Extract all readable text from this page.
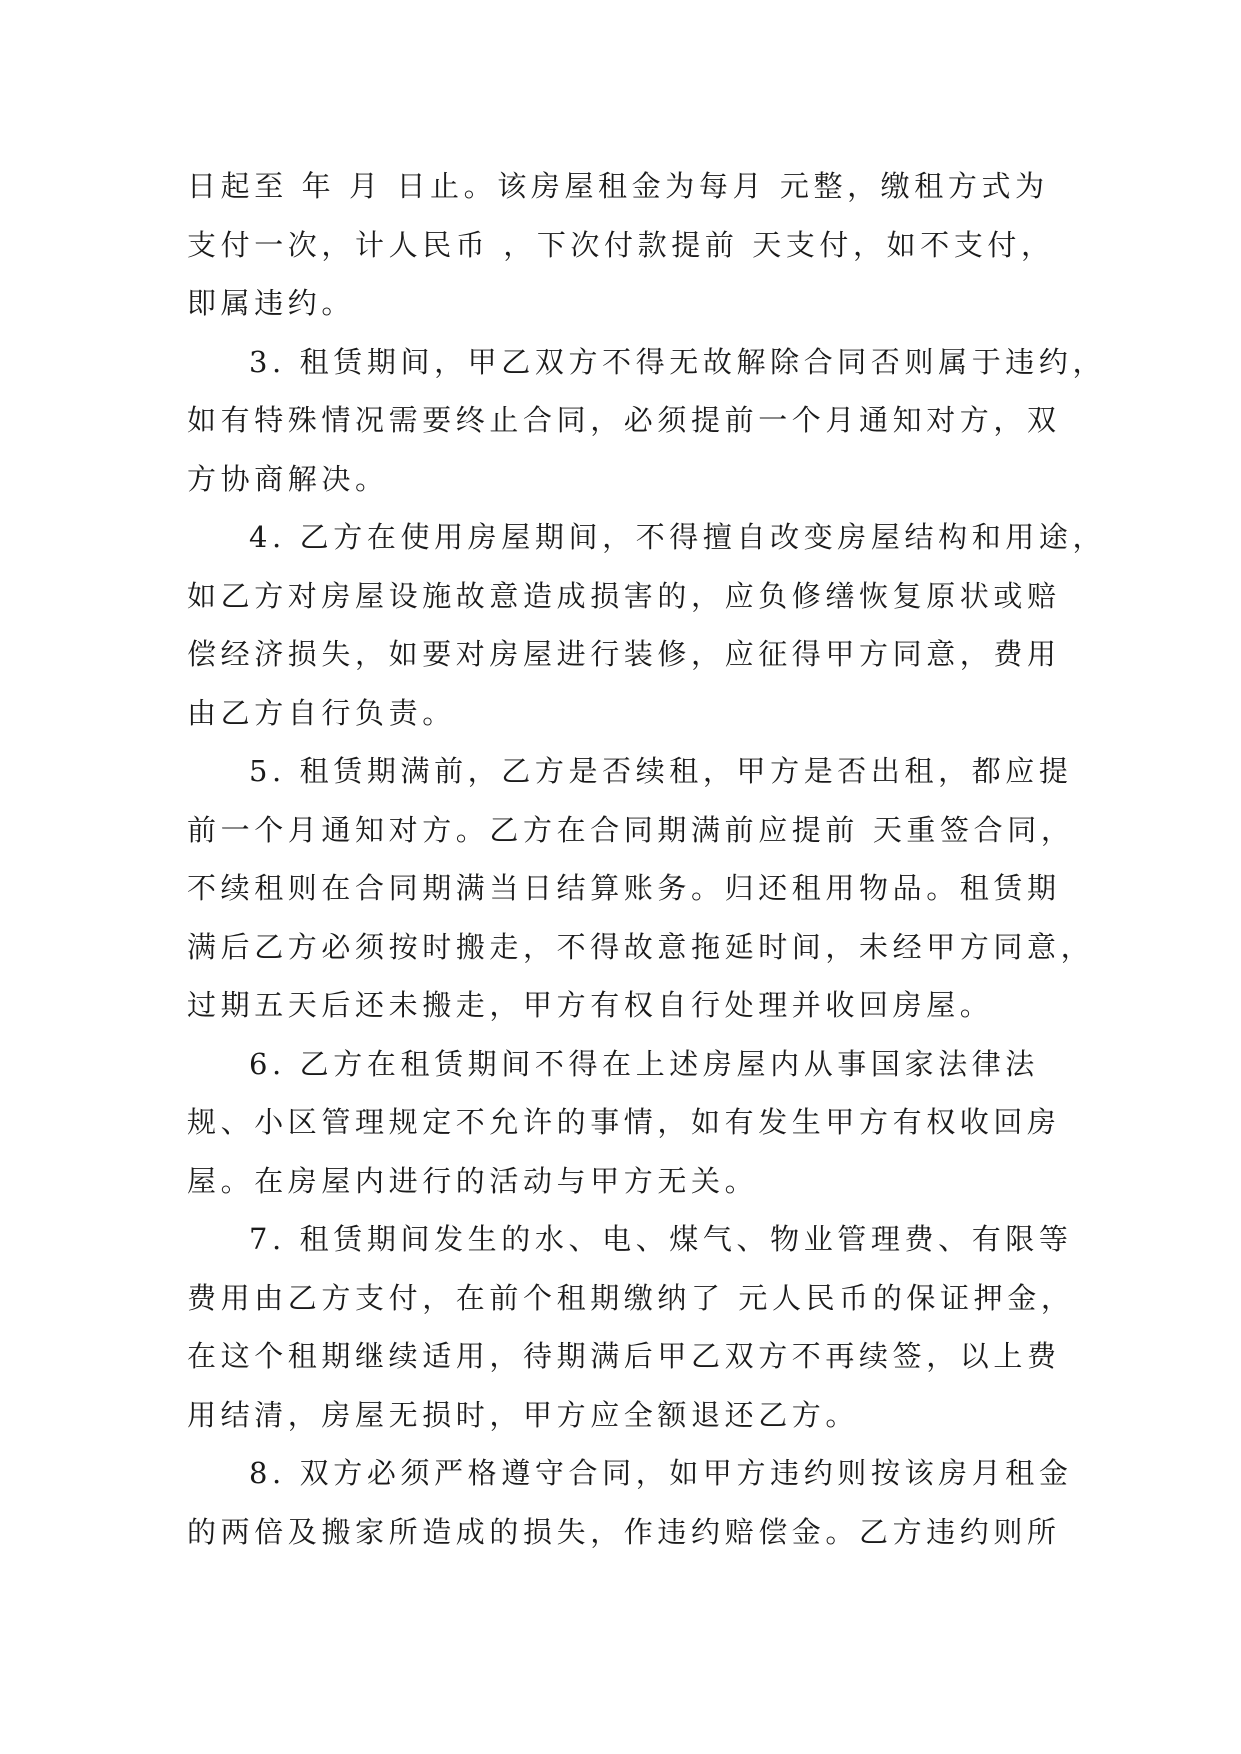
日起至 年 月 日止。该房屋租金为每月 元整，缴租方式为
支付一次，计人民币 ，下次付款提前 天支付，如不支付，
即属违约。
3. 租赁期间，甲乙双方不得无故解除合同否则属于违约，
如有特殊情况需要终止合同，必须提前一个月通知对方，双
方协商解决。
4. 乙方在使用房屋期间，不得擅自改变房屋结构和用途，
如乙方对房屋设施故意造成损害的，应负修缮恢复原状或赔
偿经济损失，如要对房屋进行装修，应征得甲方同意，费用
由乙方自行负责。
5. 租赁期满前，乙方是否续租，甲方是否出租，都应提
前一个月通知对方。乙方在合同期满前应提前 天重签合同，
不续租则在合同期满当日结算账务。归还租用物品。租赁期
满后乙方必须按时搬走，不得故意拖延时间，未经甲方同意，
过期五天后还未搬走，甲方有权自行处理并收回房屋。
6. 乙方在租赁期间不得在上述房屋内从事国家法律法
规、小区管理规定不允许的事情，如有发生甲方有权收回房
屋。在房屋内进行的活动与甲方无关。
7. 租赁期间发生的水、电、煤气、物业管理费、有限等
费用由乙方支付，在前个租期缴纳了 元人民币的保证押金，
在这个租期继续适用，待期满后甲乙双方不再续签，以上费
用结清，房屋无损时，甲方应全额退还乙方。
8. 双方必须严格遵守合同，如甲方违约则按该房月租金
的两倍及搬家所造成的损失，作违约赔偿金。乙方违约则所
